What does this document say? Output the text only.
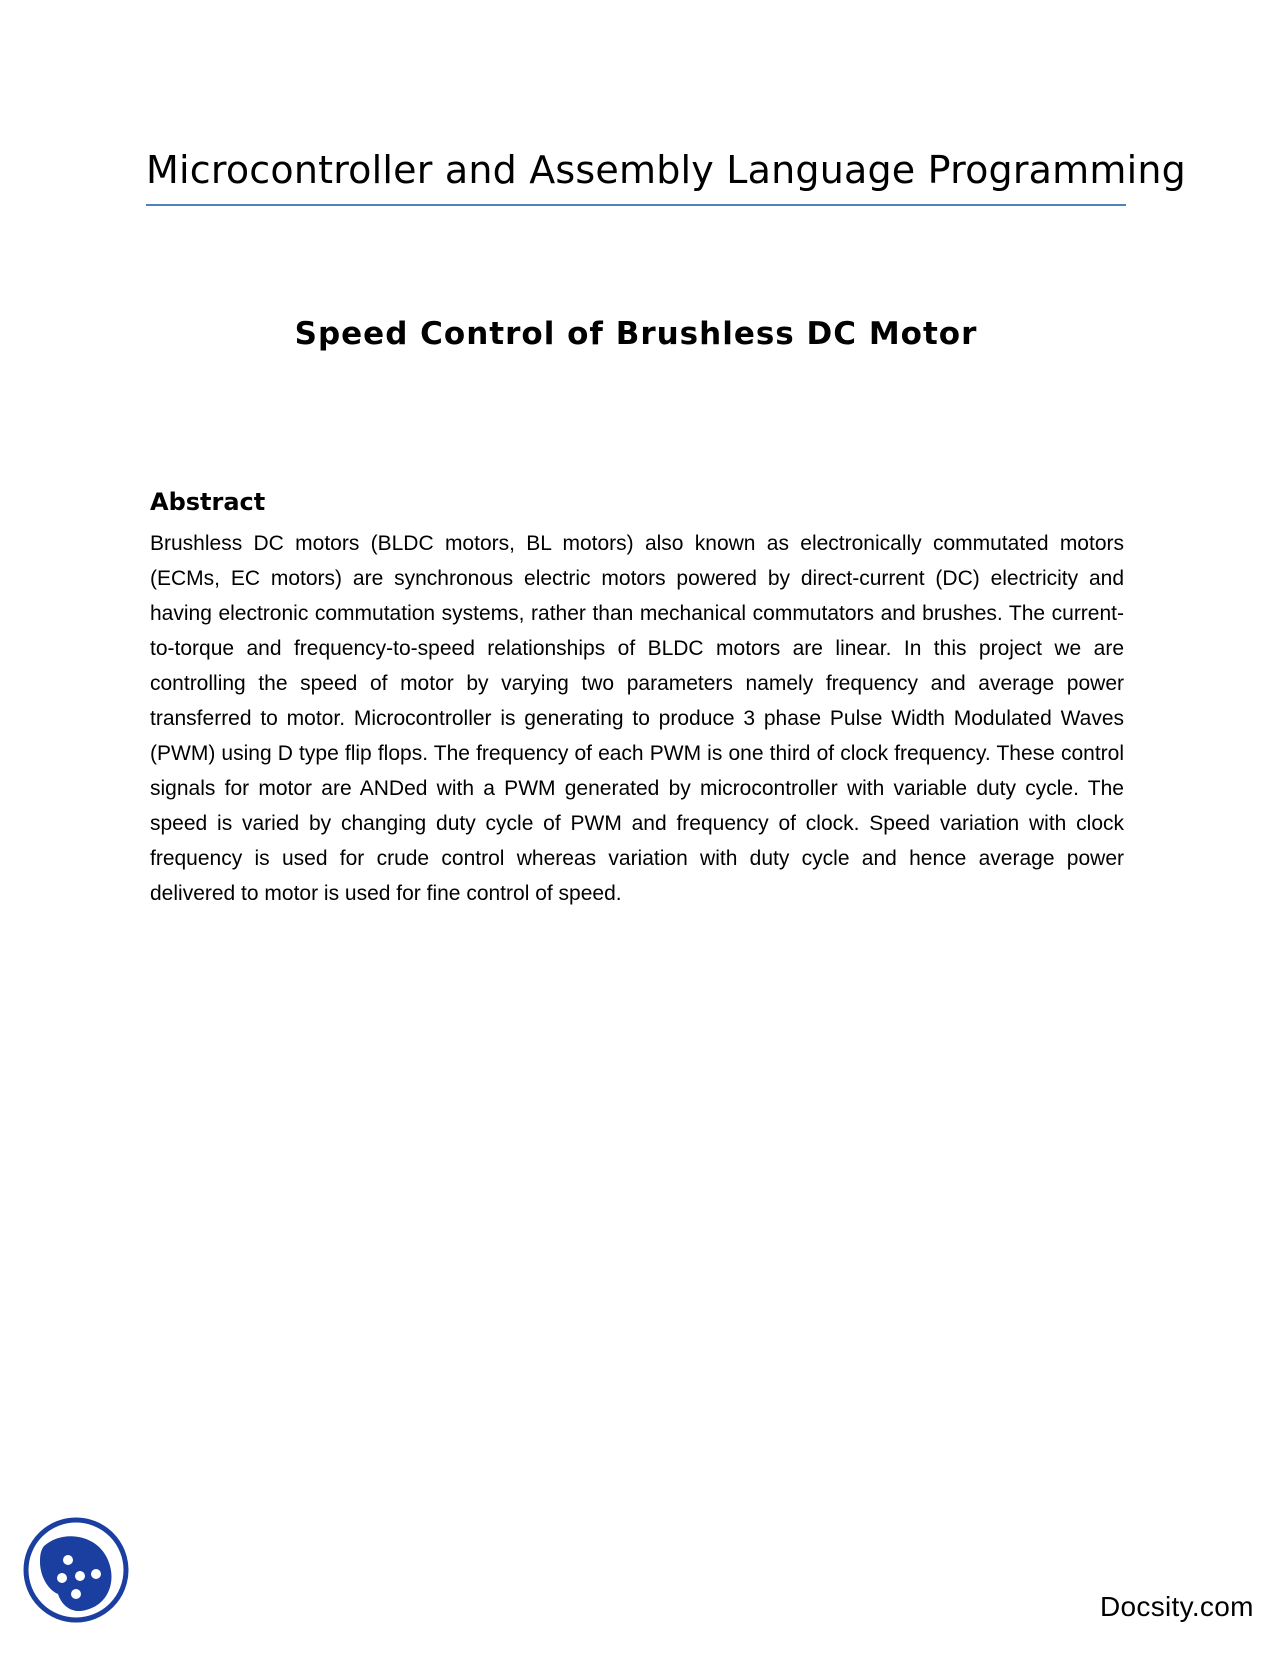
Microcontroller and Assembly Language Programming
Speed Control of Brushless DC Motor
Abstract

Brushless DC motors (BLDC motors, BL motors) also known as electronically commutated motors (ECMs, EC motors) are synchronous electric motors powered by direct-current (DC) electricity and having electronic commutation systems, rather than mechanical commutators and brushes. The current-to-torque and frequency-to-speed relationships of BLDC motors are linear. In this project we are controlling the speed of motor by varying two parameters namely frequency and average power transferred to motor. Microcontroller is generating to produce 3 phase Pulse Width Modulated Waves (PWM) using D type flip flops. The frequency of each PWM is one third of clock frequency. These control signals for motor are ANDed with a PWM generated by microcontroller with variable duty cycle. The speed is varied by changing duty cycle of PWM and frequency of clock. Speed variation with clock frequency is used for crude control whereas variation with duty cycle and hence average power delivered to motor is used for fine control of speed.

Docsity.com
